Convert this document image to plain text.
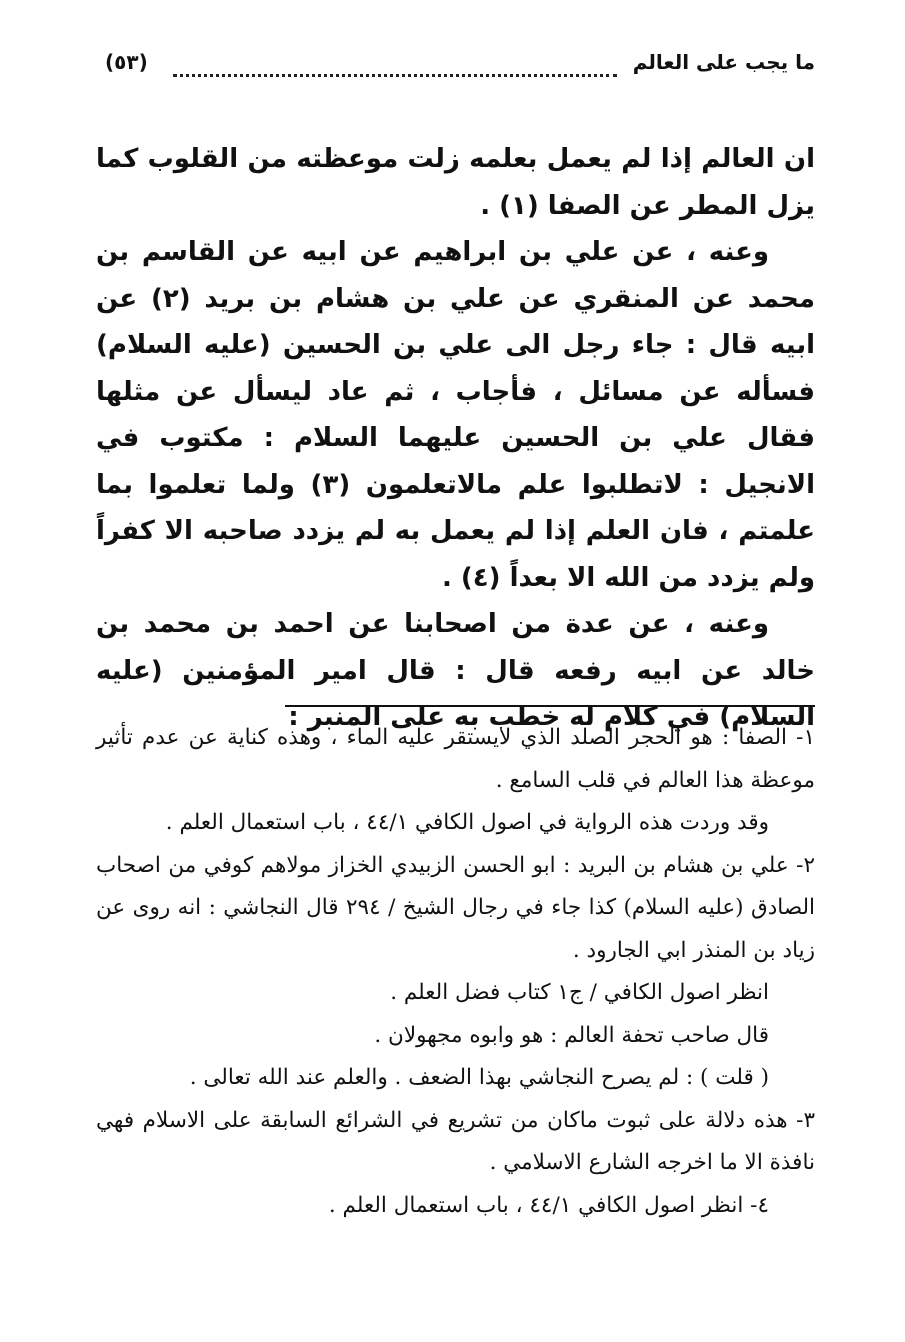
ما يجب على العالم
(٥٣)

ان العالم إذا لم يعمل بعلمه زلت موعظته من القلوب كما يزل المطر عن الصفا (١) .

وعنه ، عن علي بن ابراهيم عن ابيه عن القاسم بن محمد عن المنقري عن علي بن هشام بن بريد (٢) عن ابيه قال : جاء رجل الى علي بن الحسين (عليه السلام) فسأله عن مسائل ، فأجاب ، ثم عاد ليسأل عن مثلها فقال علي بن الحسين عليهما السلام : مكتوب في الانجيل : لاتطلبوا علم مالاتعلمون (٣) ولما تعلموا بما علمتم ، فان العلم إذا لم يعمل به لم يزدد صاحبه الا كفراً ولم يزدد من الله الا بعداً (٤) .

وعنه ، عن عدة من اصحابنا عن احمد بن محمد بن خالد عن ابيه رفعه قال : قال امير المؤمنين (عليه السلام) في كلام له خطب به على المنبر :

١- الصفا : هو الحجر الصلد الذي لايستقر عليه الماء ، وهذه كناية عن عدم تأثير موعظة هذا العالم في قلب السامع .

وقد وردت هذه الرواية في اصول الكافي ٤٤/١ ، باب استعمال العلم .

٢- علي بن هشام بن البريد : ابو الحسن الزبيدي الخزاز مولاهم كوفي من اصحاب الصادق (عليه السلام) كذا جاء في رجال الشيخ / ٢٩٤ قال النجاشي : انه روى عن زياد بن المنذر ابي الجارود .

انظر اصول الكافي / ج١ كتاب فضل العلم .

قال صاحب تحفة العالم : هو وابوه مجهولان .

( قلت ) : لم يصرح النجاشي بهذا الضعف . والعلم عند الله تعالى .

٣- هذه دلالة على ثبوت ماكان من تشريع في الشرائع السابقة على الاسلام فهي نافذة الا ما اخرجه الشارع الاسلامي .

٤- انظر اصول الكافي ٤٤/١ ، باب استعمال العلم .
